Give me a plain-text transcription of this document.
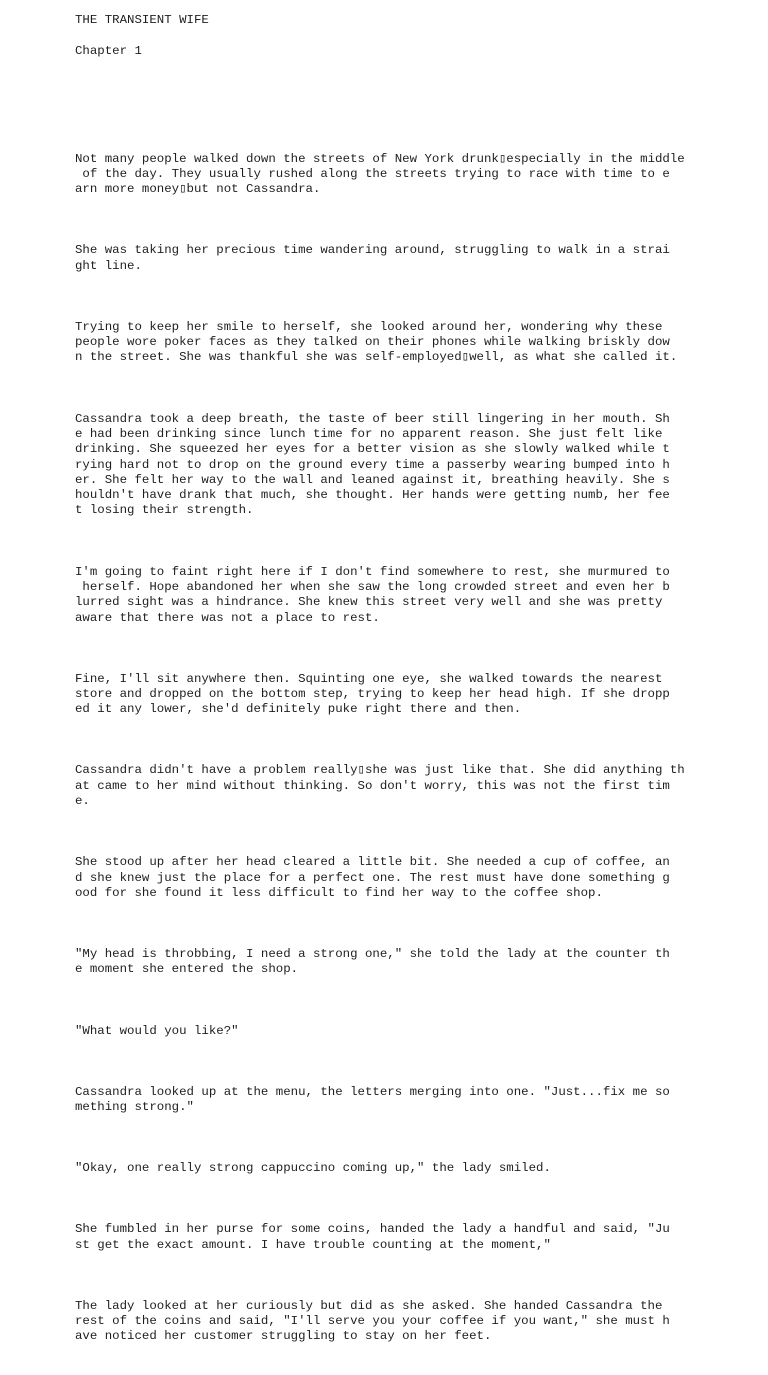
THE TRANSIENT WIFE
Chapter 1

Not many people walked down the streets of New York drunk▯especially in the middle
of the day. They usually rushed along the streets trying to race with time to e
arn more money▯but not Cassandra.

She was taking her precious time wandering around, struggling to walk in a strai
ght line.

Trying to keep her smile to herself, she looked around her, wondering why these
people wore poker faces as they talked on their phones while walking briskly dow
n the street. She was thankful she was self-employed▯well, as what she called it.

Cassandra took a deep breath, the taste of beer still lingering in her mouth. Sh
e had been drinking since lunch time for no apparent reason. She just felt like
drinking. She squeezed her eyes for a better vision as she slowly walked while t
rying hard not to drop on the ground every time a passerby wearing bumped into h
er. She felt her way to the wall and leaned against it, breathing heavily. She s
houldn't have drank that much, she thought. Her hands were getting numb, her fee
t losing their strength.

I'm going to faint right here if I don't find somewhere to rest, she murmured to
herself. Hope abandoned her when she saw the long crowded street and even her b
lurred sight was a hindrance. She knew this street very well and she was pretty
aware that there was not a place to rest.

Fine, I'll sit anywhere then. Squinting one eye, she walked towards the nearest
store and dropped on the bottom step, trying to keep her head high. If she dropp
ed it any lower, she'd definitely puke right there and then.

Cassandra didn't have a problem really▯she was just like that. She did anything th
at came to her mind without thinking. So don't worry, this was not the first tim
e.

She stood up after her head cleared a little bit. She needed a cup of coffee, an
d she knew just the place for a perfect one. The rest must have done something g
ood for she found it less difficult to find her way to the coffee shop.

"My head is throbbing, I need a strong one," she told the lady at the counter th
e moment she entered the shop.

"What would you like?"

Cassandra looked up at the menu, the letters merging into one. "Just...fix me so
mething strong."

"Okay, one really strong cappuccino coming up," the lady smiled.

She fumbled in her purse for some coins, handed the lady a handful and said, "Ju
st get the exact amount. I have trouble counting at the moment,"

The lady looked at her curiously but did as she asked. She handed Cassandra the
rest of the coins and said, "I'll serve you your coffee if you want," she must h
ave noticed her customer struggling to stay on her feet.
